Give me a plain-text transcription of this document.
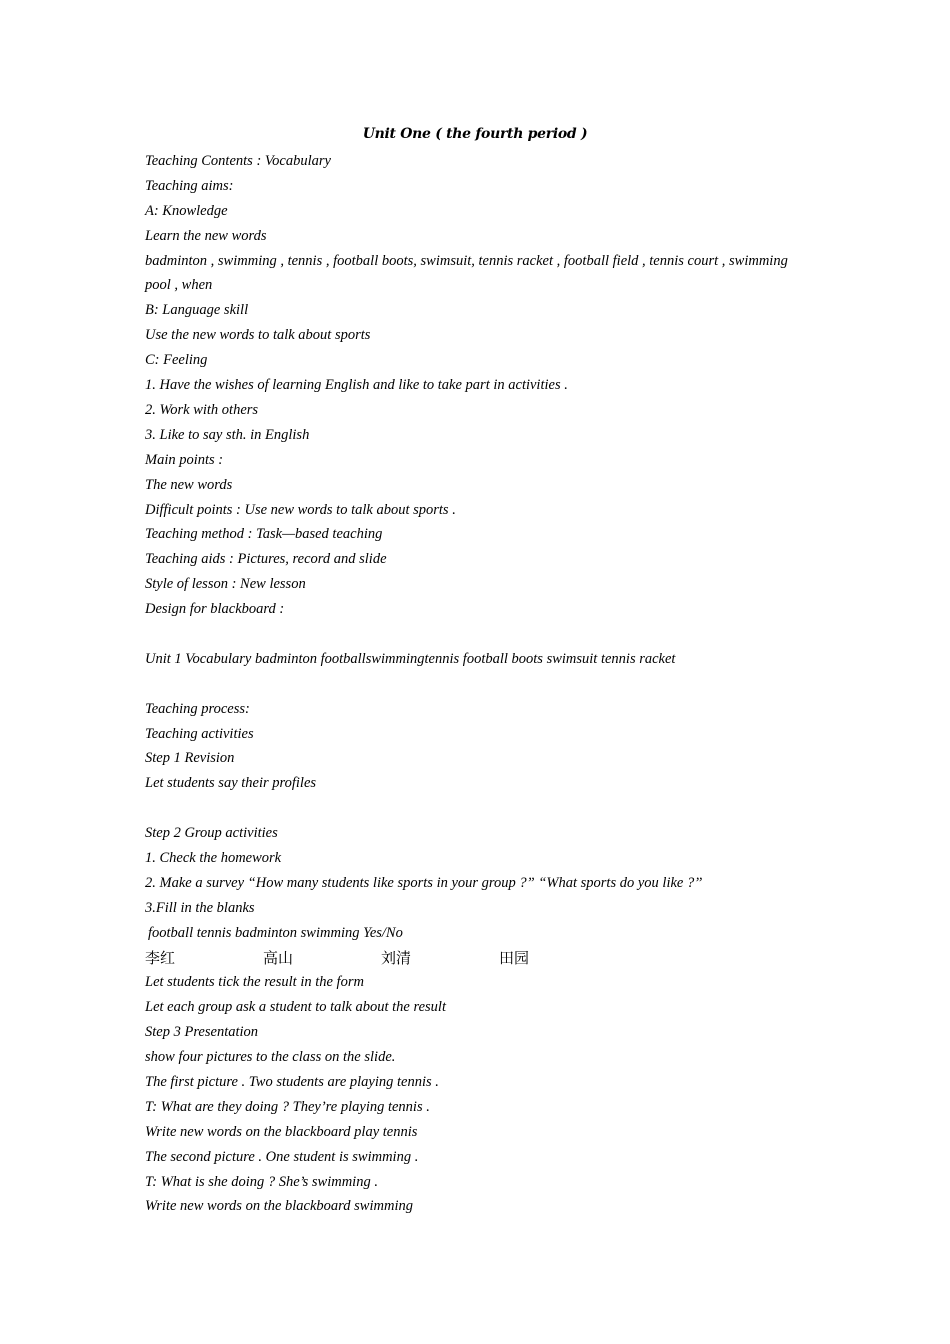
Unit One ( the fourth period )
Teaching Contents : Vocabulary
Teaching aims:
A: Knowledge
Learn the new words
badminton , swimming , tennis , football boots, swimsuit, tennis racket , football field , tennis court , swimming pool , when
B: Language skill
Use the new words to talk about sports
C: Feeling
1. Have the wishes of learning English and like to take part in activities .
2. Work with others
3. Like to say sth. in English
Main points :
The new words
Difficult points : Use new words to talk about sports .
Teaching method : Task—based teaching
Teaching aids : Pictures, record and slide
Style of lesson : New lesson
Design for blackboard :
Unit 1 Vocabulary badminton footballswimmingtennis football boots swimsuit tennis racket
Teaching process:
Teaching activities
Step 1 Revision
Let students say their profiles
Step 2 Group activities
1. Check the homework
2. Make a survey “How many students like sports in your group ?” “What sports do you like ?’’
3.Fill in the blanks
football tennis badminton swimming Yes/No
李红	高山	刘清	田园
Let students tick the result in the form
Let each group ask a student to talk about the result
Step 3 Presentation
show four pictures to the class on the slide.
The first picture . Two students are playing tennis .
T: What are they doing ? They’re playing tennis .
Write new words on the blackboard play tennis
The second picture . One student is swimming .
T: What is she doing ? She’s swimming .
Write new words on the blackboard swimming
